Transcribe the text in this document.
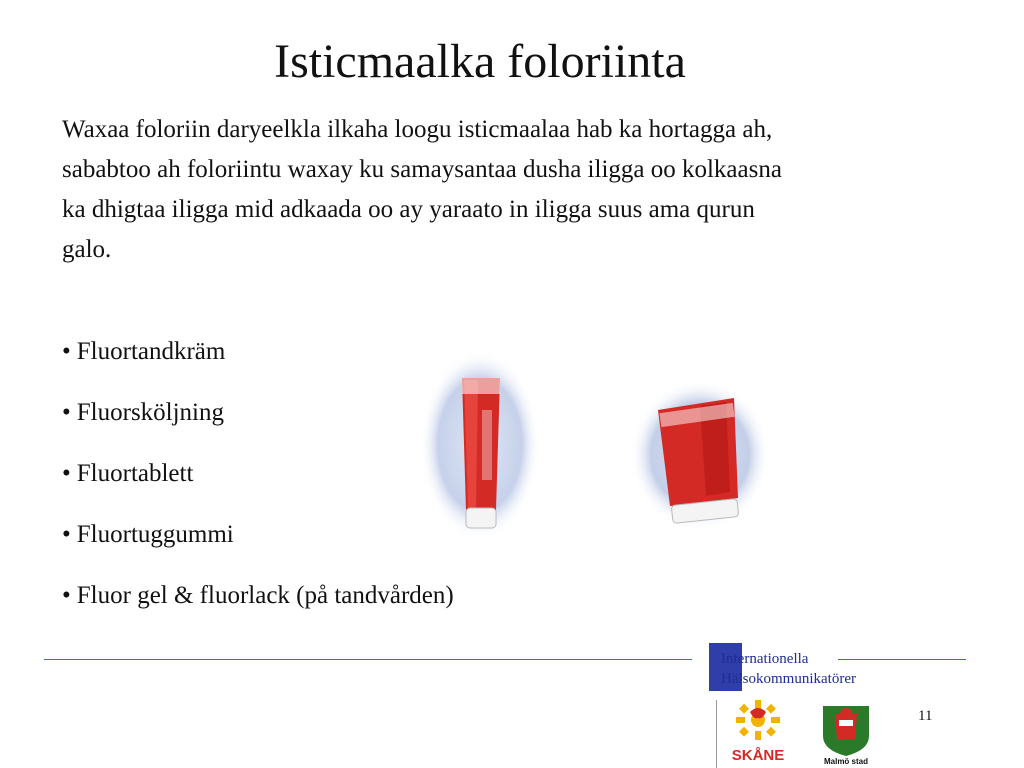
Isticmaalka foloriinta
Waxaa foloriin daryeelkla ilkaha loogu isticmaalaa hab ka hortagga ah, sababtoo ah foloriintu waxay ku samaysantaa dusha iligga oo kolkaasna ka dhigtaa iligga mid adkaada oo ay yaraato in iligga suus ama qurun galo.
• Fluortandkräm
• Fluorsköljning
• Fluortablett
• Fluortuggummi
• Fluor gel & fluorlack (på tandvården)
Internationella
Hälsokommunikatörer
11
SKÅNE	Malmö stad
